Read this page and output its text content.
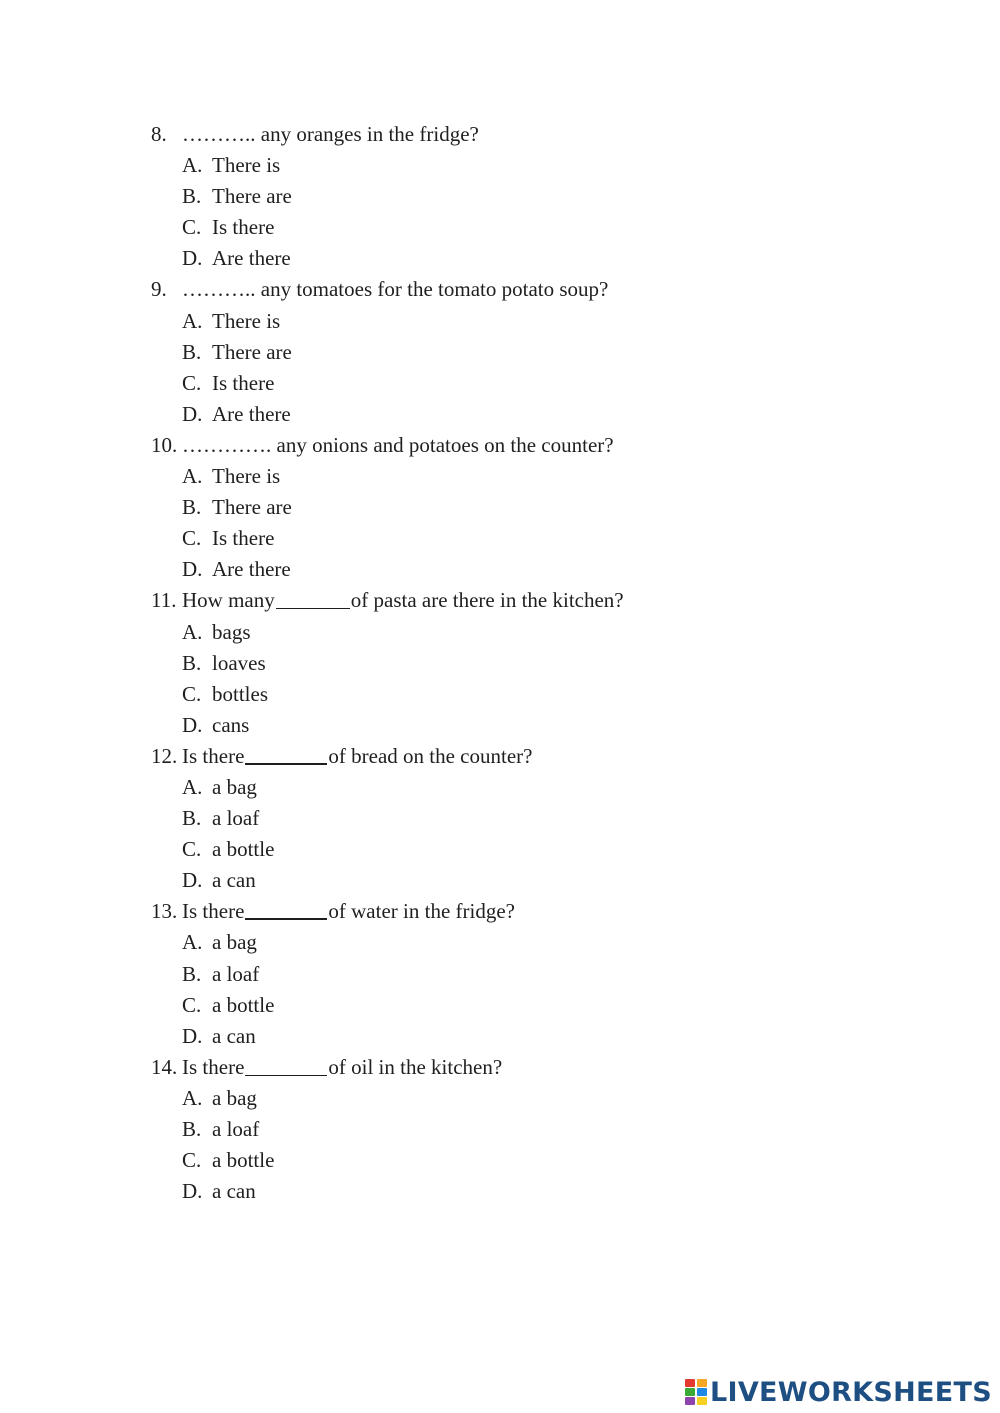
8. ……….. any oranges in the fridge?
A. There is
B. There are
C. Is there
D. Are there
9. ……….. any tomatoes for the tomato potato soup?
A. There is
B. There are
C. Is there
D. Are there
10. …………. any onions and potatoes on the counter?
A. There is
B. There are
C. Is there
D. Are there
11. How many	of pasta are there in the kitchen?
A. bags
B. loaves
C. bottles
D. cans
12. Is there	of bread on the counter?
A. a bag
B. a loaf
C. a bottle
D. a can
13. Is there	of water in the fridge?
A. a bag
B. a loaf
C. a bottle
D. a can
14. Is there	of oil in the kitchen?
A. a bag
B. a loaf
C. a bottle
D. a can
LIVEWORKSHEETS
